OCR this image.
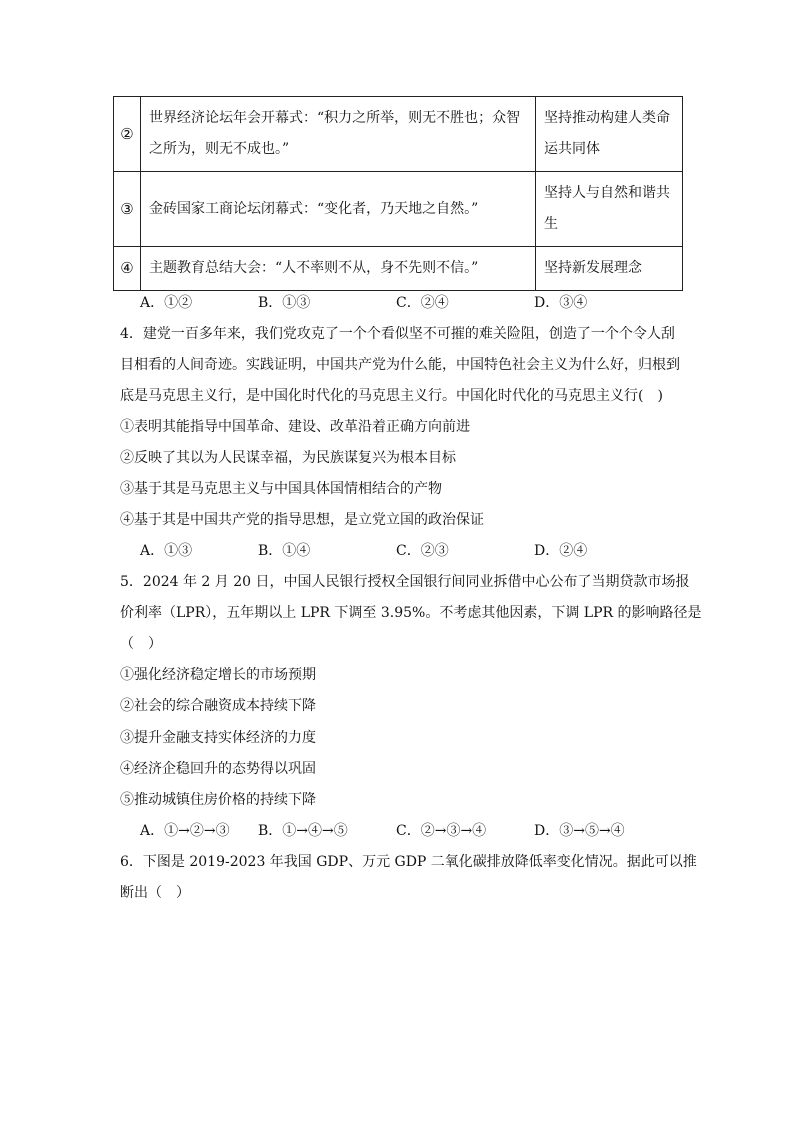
②	世界经济论坛年会开幕式：“积力之所举，则无不胜也；众智之所为，则无不成也。”	坚持推动构建人类命运共同体
③	金砖国家工商论坛闭幕式：“变化者，乃天地之自然。”	坚持人与自然和谐共生
④	主题教育总结大会：“人不率则不从，身不先则不信。”	坚持新发展理念
A．①②	B．①③	C．②④	D．③④
4．建党一百多年来，我们党攻克了一个个看似坚不可摧的难关险阻，创造了一个个令人刮
目相看的人间奇迹。实践证明，中国共产党为什么能，中国特色社会主义为什么好，归根到
底是马克思主义行，是中国化时代化的马克思主义行。中国化时代化的马克思主义行(　)
①表明其能指导中国革命、建设、改革沿着正确方向前进
②反映了其以为人民谋幸福，为民族谋复兴为根本目标
③基于其是马克思主义与中国具体国情相结合的产物
④基于其是中国共产党的指导思想，是立党立国的政治保证
A．①③	B．①④	C．②③	D．②④
5．2024 年 2 月 20 日，中国人民银行授权全国银行间同业拆借中心公布了当期贷款市场报
价利率（LPR），五年期以上 LPR 下调至 3.95%。不考虑其他因素，下调 LPR 的影响路径是
（　）
①强化经济稳定增长的市场预期
②社会的综合融资成本持续下降
③提升金融支持实体经济的力度
④经济企稳回升的态势得以巩固
⑤推动城镇住房价格的持续下降
A．①→②→③ B．①→④→⑤	C．②→③→④	D．③→⑤→④
6．下图是 2019-2023 年我国 GDP、万元 GDP 二氧化碳排放降低率变化情况。据此可以推
断出（　）
